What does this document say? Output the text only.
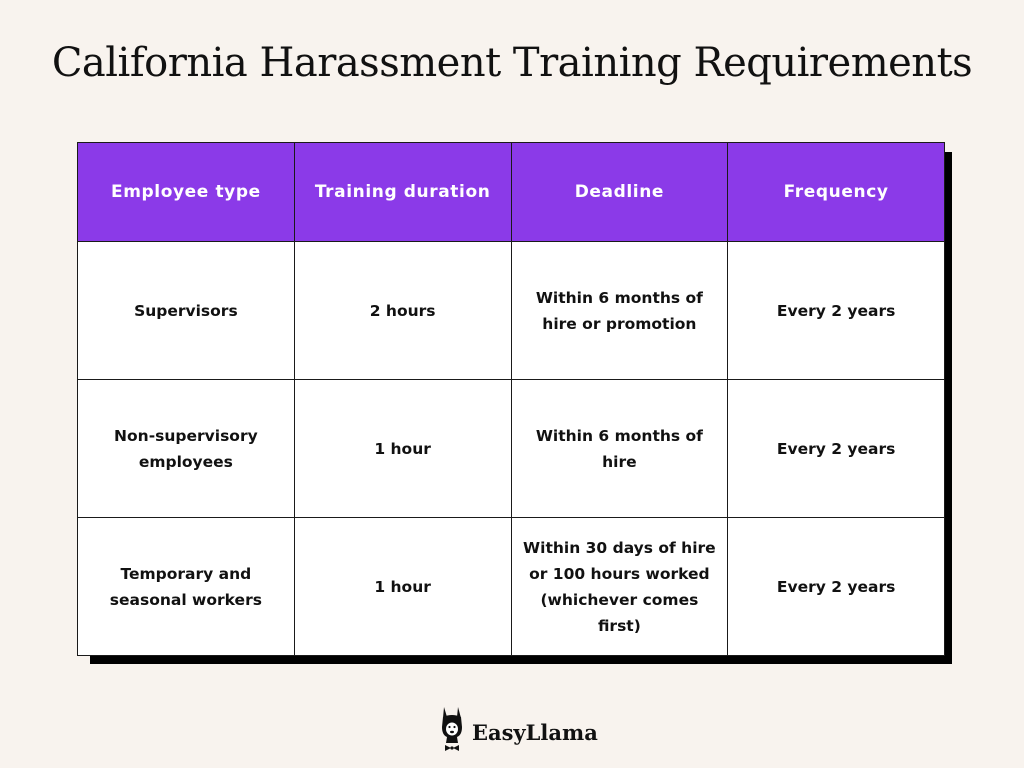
California Harassment Training Requirements
Employee type	Training duration	Deadline	Frequency
Supervisors	2 hours	Within 6 months of hire or promotion	Every 2 years
Non-supervisory employees	1 hour	Within 6 months of hire	Every 2 years
Temporary and seasonal workers	1 hour	Within 30 days of hire or 100 hours worked (whichever comes first)	Every 2 years
EasyLlama
